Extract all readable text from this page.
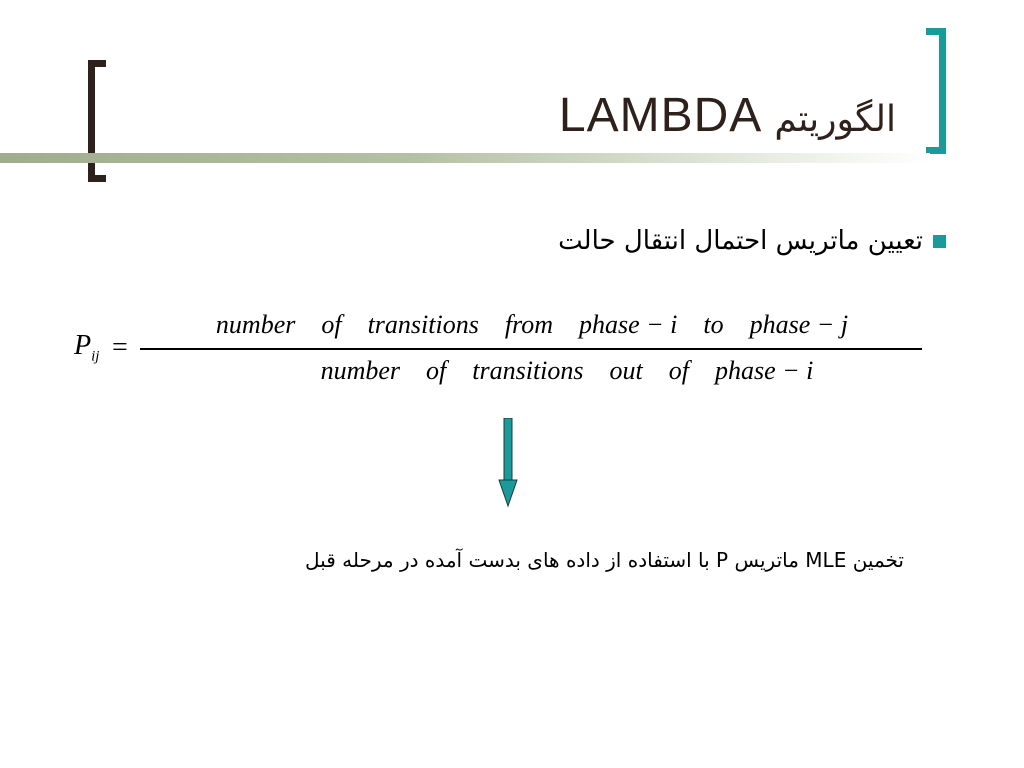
LAMBDA الگوریتم
تعیین ماتریس احتمال انتقال حالت
$P_{ij}$ =
number    of    transitions    from    phase − i    to    phase − j
number    of    transitions    out    of    phase − i
تخمین MLE ماتریس P با استفاده از داده های بدست آمده در مرحله قبل
